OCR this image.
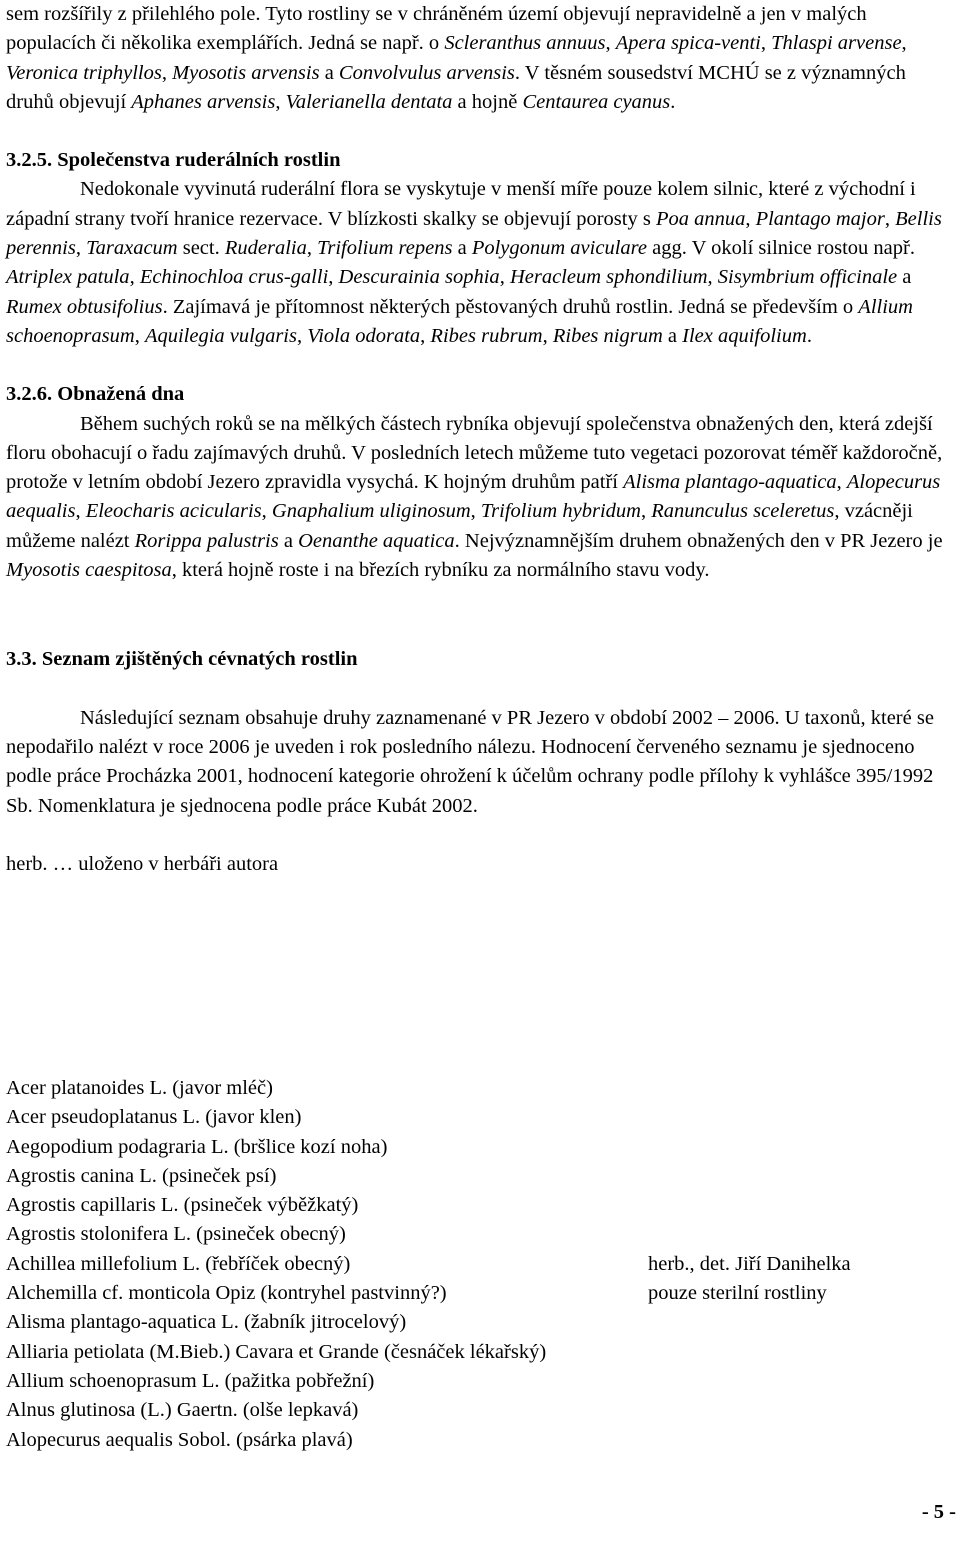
sem rozšířily z přilehlého pole. Tyto rostliny se v chráněném území objevují nepravidelně a jen v malých populacích či několika exemplářích. Jedná se např. o Scleranthus annuus, Apera spica-venti, Thlaspi arvense, Veronica triphyllos, Myosotis arvensis a Convolvulus arvensis. V těsném sousedství MCHÚ se z významných druhů objevují Aphanes arvensis, Valerianella dentata a hojně Centaurea cyanus.

3.2.5. Společenstva ruderálních rostlin
Nedokonale vyvinutá ruderální flora se vyskytuje v menší míře pouze kolem silnic, které z východní i západní strany tvoří hranice rezervace. V blízkosti skalky se objevují porosty s Poa annua, Plantago major, Bellis perennis, Taraxacum sect. Ruderalia, Trifolium repens a Polygonum aviculare agg. V okolí silnice rostou např. Atriplex patula, Echinochloa crus-galli, Descurainia sophia, Heracleum sphondilium, Sisymbrium officinale a Rumex obtusifolius. Zajímavá je přítomnost některých pěstovaných druhů rostlin. Jedná se především o Allium schoenoprasum, Aquilegia vulgaris, Viola odorata, Ribes rubrum, Ribes nigrum a Ilex aquifolium.

3.2.6. Obnažená dna
Během suchých roků se na mělkých částech rybníka objevují společenstva obnažených den, která zdejší floru obohacují o řadu zajímavých druhů. V posledních letech můžeme tuto vegetaci pozorovat téměř každoročně, protože v letním období Jezero zpravidla vysychá. K hojným druhům patří Alisma plantago-aquatica, Alopecurus aequalis, Eleocharis acicularis, Gnaphalium uliginosum, Trifolium hybridum, Ranunculus sceleretus, vzácněji můžeme nalézt Rorippa palustris a Oenanthe aquatica. Nejvýznamnějším druhem obnažených den v PR Jezero je Myosotis caespitosa, která hojně roste i na březích rybníku za normálního stavu vody.

3.3. Seznam zjištěných cévnatých rostlin

Následující seznam obsahuje druhy zaznamenané v PR Jezero v období 2002 – 2006. U taxonů, které se nepodařilo nalézt v roce 2006 je uveden i rok posledního nálezu. Hodnocení červeného seznamu je sjednoceno podle práce Procházka 2001, hodnocení kategorie ohrožení k účelům ochrany podle přílohy k vyhlášce 395/1992 Sb. Nomenklatura je sjednocena podle práce Kubát 2002.

herb. … uloženo v herbáři autora

Acer platanoides L. (javor mléč)
Acer pseudoplatanus L. (javor klen)
Aegopodium podagraria L. (bršlice kozí noha)
Agrostis canina L. (psineček psí)
Agrostis capillaris L. (psineček výběžkatý)
Agrostis stolonifera L. (psineček obecný)
Achillea millefolium L. (řebříček obecný)	herb., det. Jiří Danihelka
Alchemilla cf. monticola Opiz (kontryhel pastvinný?)	pouze sterilní rostliny
Alisma plantago-aquatica L. (žabník jitrocelový)
Alliaria petiolata (M.Bieb.) Cavara et Grande (česnáček lékařský)
Allium schoenoprasum L. (pažitka pobřežní)
Alnus glutinosa (L.) Gaertn. (olše lepkavá)
Alopecurus aequalis Sobol. (psárka plavá)
- 5 -
